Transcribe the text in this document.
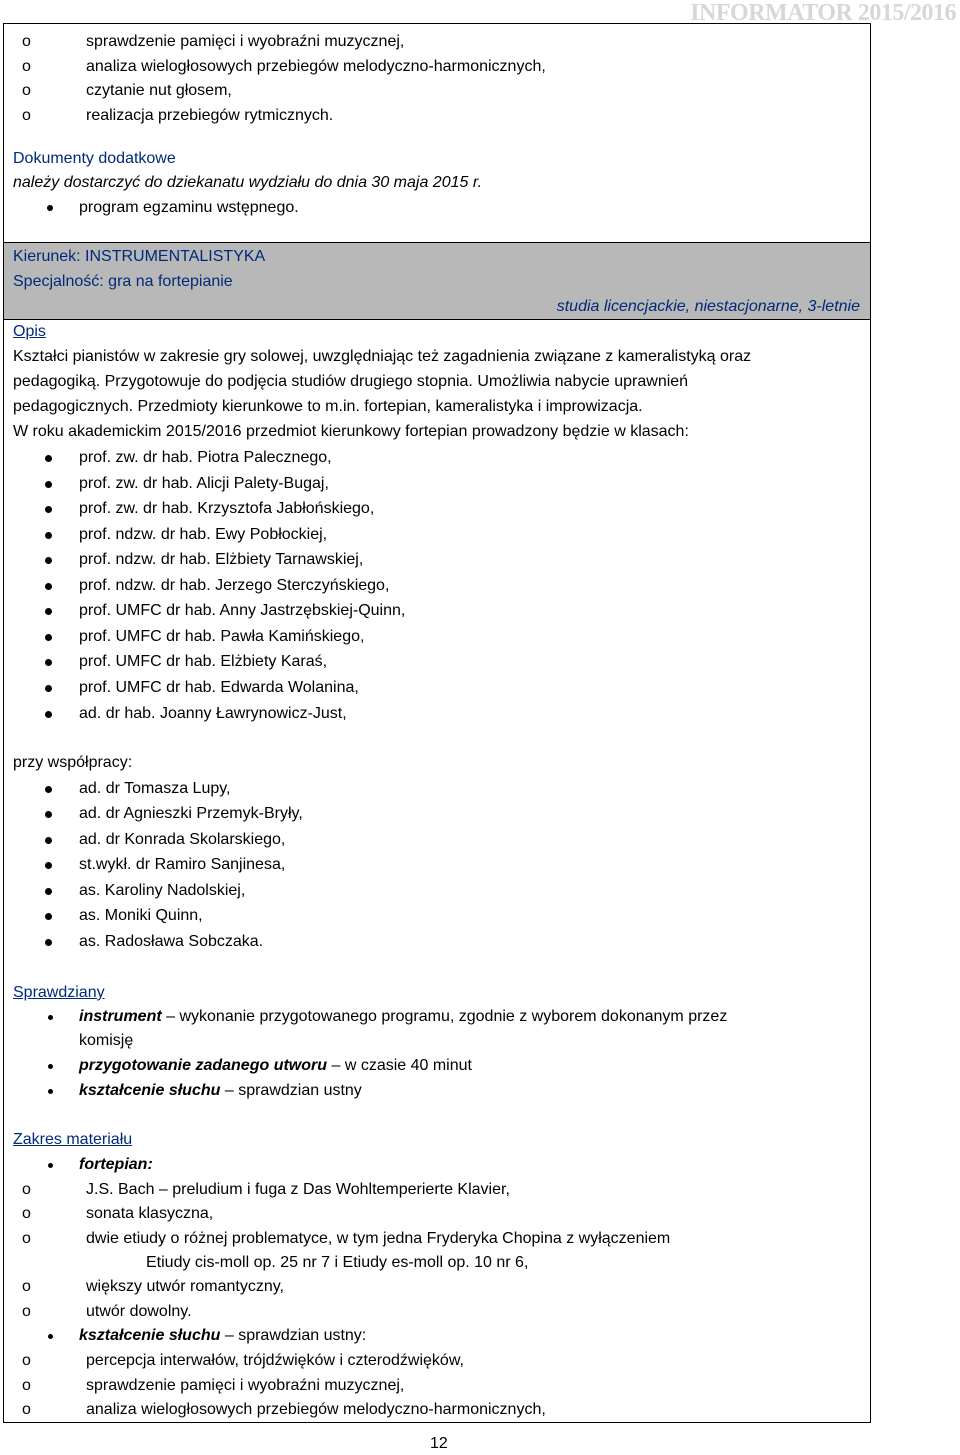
INFORMATOR 2015/2016
o sprawdzenie pamięci i wyobraźni muzycznej,
o analiza wielogłosowych przebiegów melodyczno-harmonicznych,
o czytanie nut głosem,
o realizacja przebiegów rytmicznych.
Dokumenty dodatkowe
należy dostarczyć do dziekanatu wydziału do dnia 30 maja 2015 r.
program egzaminu wstępnego.
Kierunek: INSTRUMENTALISTYKA
Specjalność: gra na fortepianie
studia licencjackie, niestacjonarne, 3-letnie
Opis
Kształci pianistów w zakresie gry solowej, uwzględniając też zagadnienia związane z kameralistyką oraz
pedagogiką. Przygotowuje do podjęcia studiów drugiego stopnia. Umożliwia nabycie uprawnień
pedagogicznych. Przedmioty kierunkowe to m.in. fortepian, kameralistyka i improwizacja.
W roku akademickim 2015/2016 przedmiot kierunkowy fortepian prowadzony będzie w klasach:
prof. zw. dr hab. Piotra Palecznego,
prof. zw. dr hab. Alicji Palety-Bugaj,
prof. zw. dr hab. Krzysztofa Jabłońskiego,
prof. ndzw. dr hab. Ewy Pobłockiej,
prof. ndzw. dr hab. Elżbiety Tarnawskiej,
prof. ndzw. dr hab. Jerzego Sterczyńskiego,
prof. UMFC dr hab. Anny Jastrzębskiej-Quinn,
prof. UMFC dr hab. Pawła Kamińskiego,
prof. UMFC dr hab. Elżbiety Karaś,
prof. UMFC dr hab. Edwarda Wolanina,
ad. dr hab. Joanny Ławrynowicz-Just,
przy współpracy:
ad. dr Tomasza Lupy,
ad. dr Agnieszki Przemyk-Bryły,
ad. dr Konrada Skolarskiego,
st.wykł. dr Ramiro Sanjinesa,
as. Karoliny Nadolskiej,
as. Moniki Quinn,
as. Radosława Sobczaka.
Sprawdziany
instrument – wykonanie przygotowanego programu, zgodnie z wyborem dokonanym przez
komisję
przygotowanie zadanego utworu – w czasie 40 minut
kształcenie słuchu – sprawdzian ustny
Zakres materiału
fortepian:
o J.S. Bach – preludium i fuga z Das Wohltemperierte Klavier,
o sonata klasyczna,
o dwie etiudy o różnej problematyce, w tym jedna Fryderyka Chopina z wyłączeniem
Etiudy cis-moll op. 25 nr 7 i Etiudy es-moll op. 10 nr 6,
o większy utwór romantyczny,
o utwór dowolny.
kształcenie słuchu – sprawdzian ustny:
o percepcja interwałów, trójdźwięków i czterodźwięków,
o sprawdzenie pamięci i wyobraźni muzycznej,
o analiza wielogłosowych przebiegów melodyczno-harmonicznych,
12
